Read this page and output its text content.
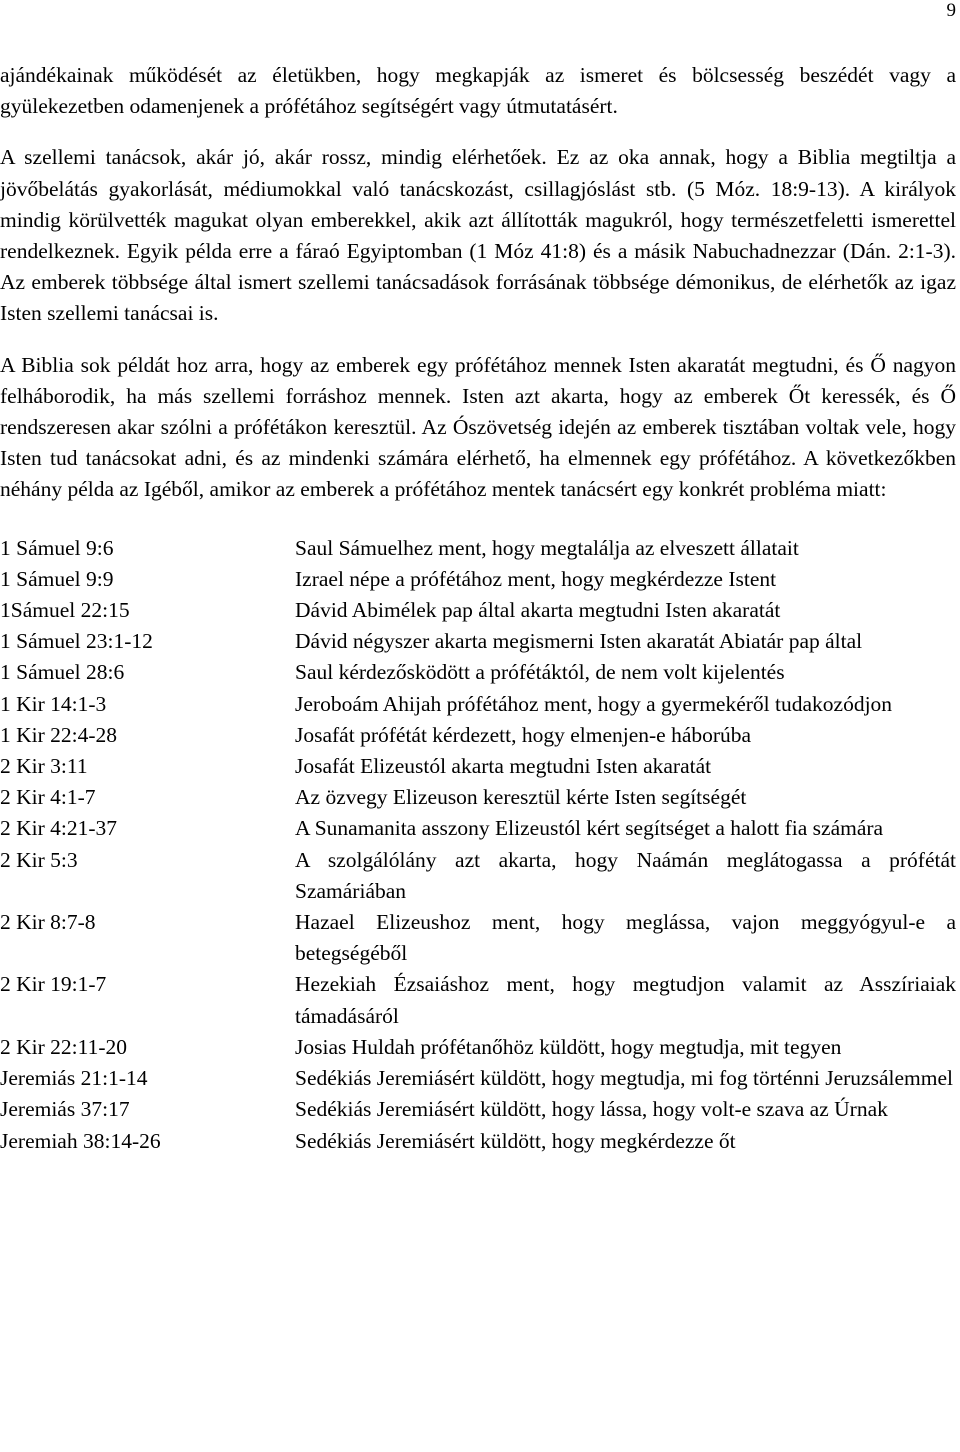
9

ajándékainak működését az életükben, hogy megkapják az ismeret és bölcsesség beszédét vagy a gyülekezetben odamenjenek a prófétához segítségért vagy útmutatásért.

A szellemi tanácsok, akár jó, akár rossz, mindig elérhetőek. Ez az oka annak, hogy a Biblia megtiltja a jövőbelátás gyakorlását, médiumokkal való tanácskozást, csillagjóslást stb. (5 Móz. 18:9-13). A királyok mindig körülvették magukat olyan emberekkel, akik azt állították magukról, hogy természetfeletti ismerettel rendelkeznek. Egyik példa erre a fáraó Egyiptomban (1 Móz 41:8) és a másik Nabuchadnezzar (Dán. 2:1-3). Az emberek többsége által ismert szellemi tanácsadások forrásának többsége démonikus, de elérhetők az igaz Isten szellemi tanácsai is.

A Biblia sok példát hoz arra, hogy az emberek egy prófétához mennek Isten akaratát megtudni, és Ő nagyon felháborodik, ha más szellemi forráshoz mennek. Isten azt akarta, hogy az emberek Őt keressék, és Ő rendszeresen akar szólni a prófétákon keresztül. Az Ószövetség idején az emberek tisztában voltak vele, hogy Isten tud tanácsokat adni, és az mindenki számára elérhető, ha elmennek egy prófétához. A következőkben néhány példa az Igéből, amikor az emberek a prófétához mentek tanácsért egy konkrét probléma miatt:

1 Sámuel 9:6	Saul Sámuelhez ment, hogy megtalálja az elveszett állatait
1 Sámuel 9:9	Izrael népe a prófétához ment, hogy megkérdezze Istent
1Sámuel 22:15	Dávid Abimélek pap által akarta megtudni Isten akaratát
1 Sámuel 23:1-12	Dávid négyszer akarta megismerni Isten akaratát Abiatár pap által
1 Sámuel 28:6	Saul kérdezősködött a prófétáktól, de nem volt kijelentés
1 Kir 14:1-3	Jeroboám Ahijah prófétához ment, hogy a gyermekéről tudakozódjon
1 Kir 22:4-28	Josafát prófétát kérdezett, hogy elmenjen-e háborúba
2 Kir 3:11	Josafát Elizeustól akarta megtudni Isten akaratát
2 Kir 4:1-7	Az özvegy Elizeuson keresztül kérte Isten segítségét
2 Kir 4:21-37	A Sunamanita asszony Elizeustól kért segítséget a halott fia számára
2 Kir 5:3	A szolgálólány azt akarta, hogy Naámán meglátogassa a prófétát Szamáriában
2 Kir 8:7-8	Hazael Elizeushoz ment, hogy meglássa, vajon meggyógyul-e a betegségéből
2 Kir 19:1-7	Hezekiah Ézsaiáshoz ment, hogy megtudjon valamit az Asszíriaiak támadásáról
2 Kir 22:11-20	Josias Huldah prófétanőhöz küldött, hogy megtudja, mit tegyen
Jeremiás 21:1-14	Sedékiás Jeremiásért küldött, hogy megtudja, mi fog történni Jeruzsálemmel
Jeremiás 37:17	Sedékiás Jeremiásért küldött, hogy lássa, hogy volt-e szava az Úrnak
Jeremiah 38:14-26	Sedékiás Jeremiásért küldött, hogy megkérdezze őt
